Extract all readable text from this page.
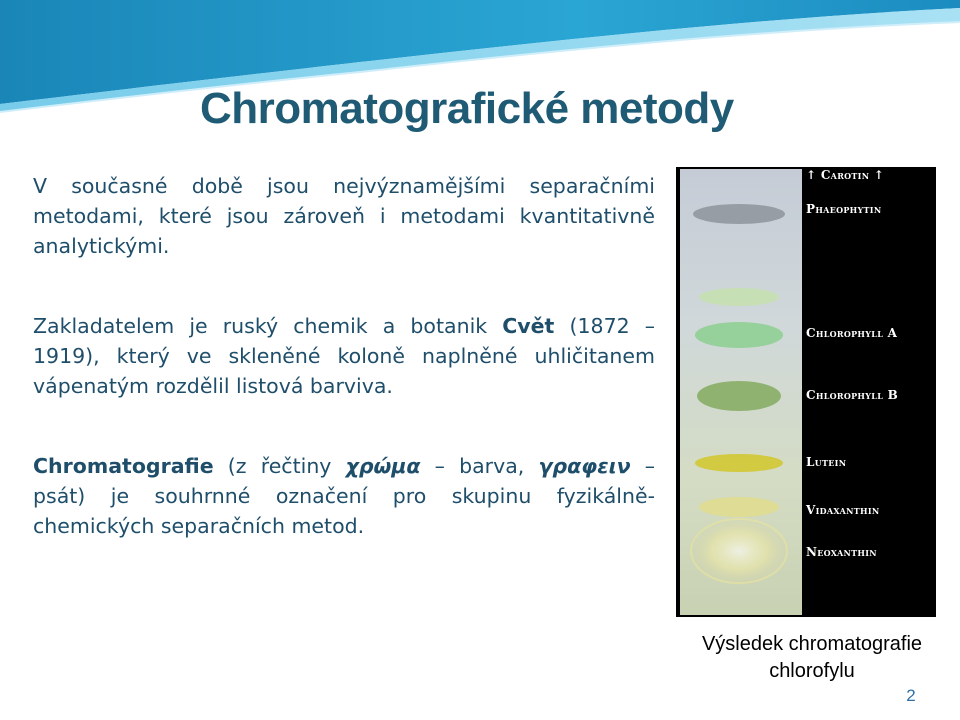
Chromatografické metody
V současné době jsou nejvýznamějšími separačními metodami, které jsou zároveň i metodami kvantitativně analytickými.
Zakladatelem je ruský chemik a botanik Cvět (1872 – 1919), který ve skleněné koloně naplněné uhličitanem vápenatým rozdělil listová barviva.
Chromatografie (z řečtiny χρώμα – barva, γραφειν – psát) je souhrnné označení pro skupinu fyzikálně-chemických separačních metod.
↑ Carotin ↑
Phaeophytin
Chlorophyll A
Chlorophyll B
Lutein
Vidaxanthin
Neoxanthin
Výsledek chromatografie
chlorofylu
2
